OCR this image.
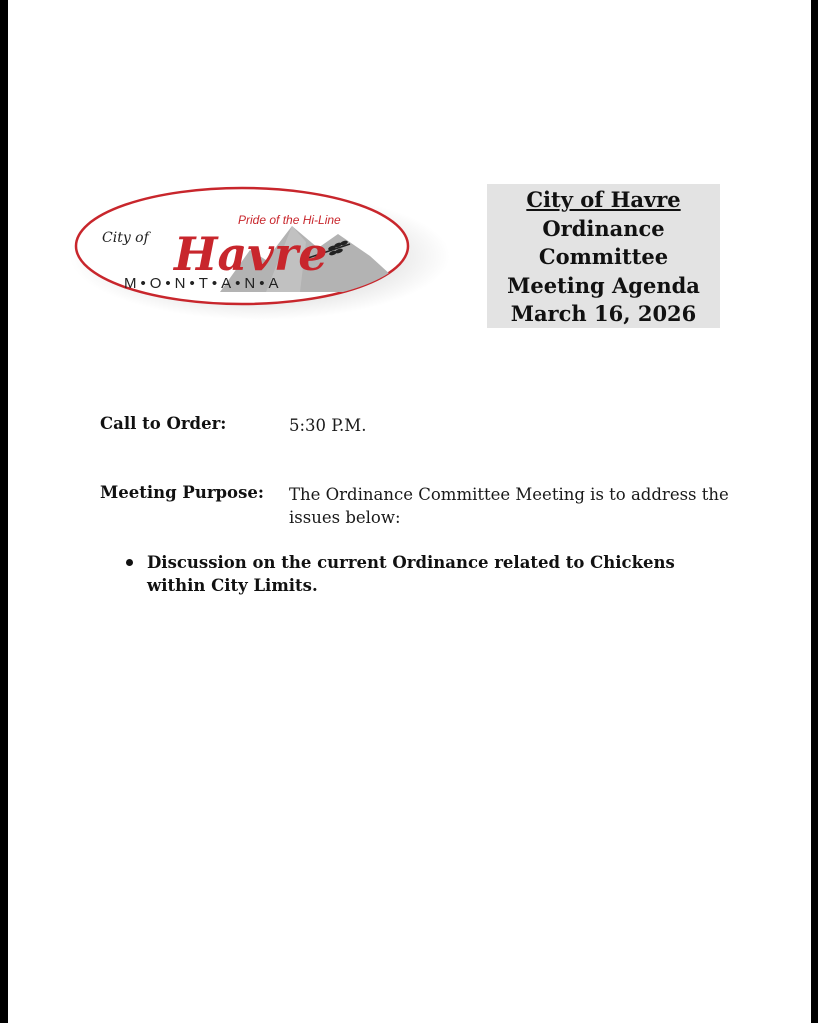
Pride of the Hi-Line
City of Havre
M•O•N•T•A•N•A
City of Havre
Ordinance
Committee
Meeting Agenda
March 16, 2026
Call to Order:	5:30 P.M.
Meeting Purpose: The Ordinance Committee Meeting is to address the issues below:
Discussion on the current Ordinance related to Chickens within City Limits.
